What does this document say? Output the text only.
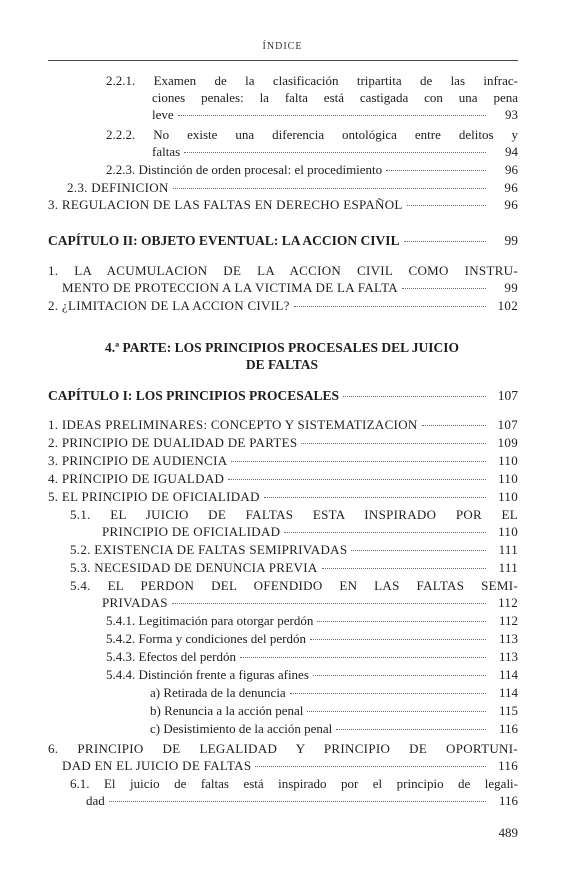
ÍNDICE
2.2.1. Examen de la clasificación tripartita de las infrac-
ciones penales: la falta está castigada con una pena
leve	93
2.2.2. No existe una diferencia ontológica entre delitos y
faltas	94
2.2.3. Distinción de orden procesal: el procedimiento	96
2.3. DEFINICION	96
3. REGULACION DE LAS FALTAS EN DERECHO ESPAÑOL	96
CAPÍTULO II: OBJETO EVENTUAL: LA ACCION CIVIL	99
1. LA ACUMULACION DE LA ACCION CIVIL COMO INSTRU-
MENTO DE PROTECCION A LA VICTIMA DE LA FALTA	99
2. ¿LIMITACION DE LA ACCION CIVIL?	102
4.ª PARTE: LOS PRINCIPIOS PROCESALES DEL JUICIO
DE FALTAS
CAPÍTULO I: LOS PRINCIPIOS PROCESALES	107
1. IDEAS PRELIMINARES: CONCEPTO Y SISTEMATIZACION	107
2. PRINCIPIO DE DUALIDAD DE PARTES	109
3. PRINCIPIO DE AUDIENCIA	110
4. PRINCIPIO DE IGUALDAD	110
5. EL PRINCIPIO DE OFICIALIDAD	110
5.1. EL JUICIO DE FALTAS ESTA INSPIRADO POR EL
PRINCIPIO DE OFICIALIDAD	110
5.2. EXISTENCIA DE FALTAS SEMIPRIVADAS	111
5.3. NECESIDAD DE DENUNCIA PREVIA	111
5.4. EL PERDON DEL OFENDIDO EN LAS FALTAS SEMI-
PRIVADAS	112
5.4.1. Legitimación para otorgar perdón	112
5.4.2. Forma y condiciones del perdón	113
5.4.3. Efectos del perdón	113
5.4.4. Distinción frente a figuras afines	114
a) Retirada de la denuncia	114
b) Renuncia a la acción penal	115
c) Desistimiento de la acción penal	116
6. PRINCIPIO DE LEGALIDAD Y PRINCIPIO DE OPORTUNI-
DAD EN EL JUICIO DE FALTAS	116
6.1. El juicio de faltas está inspirado por el principio de legali-
dad	116
489
